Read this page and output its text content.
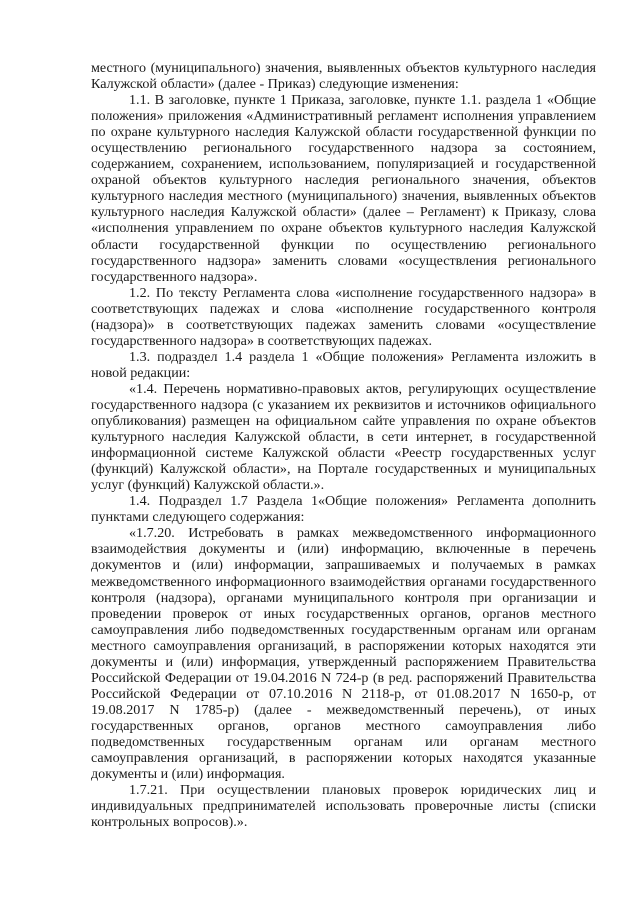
местного (муниципального) значения, выявленных объектов культурного наследия Калужской области» (далее - Приказ) следующие изменения:

1.1. В заголовке, пункте 1 Приказа, заголовке, пункте 1.1. раздела 1 «Общие положения» приложения «Административный регламент исполнения управлением по охране культурного наследия Калужской области государственной функции по осуществлению регионального государственного надзора за состоянием, содержанием, сохранением, использованием, популяризацией и государственной охраной объектов культурного наследия регионального значения, объектов культурного наследия местного (муниципального) значения, выявленных объектов культурного наследия Калужской области» (далее – Регламент) к Приказу, слова «исполнения управлением по охране объектов культурного наследия Калужской области государственной функции по осуществлению регионального государственного надзора» заменить словами «осуществления регионального государственного надзора».

1.2. По тексту Регламента слова «исполнение государственного надзора» в соответствующих падежах и слова «исполнение государственного контроля (надзора)» в соответствующих падежах заменить словами «осуществление государственного надзора» в соответствующих падежах.

1.3. подраздел 1.4 раздела 1 «Общие положения» Регламента изложить в новой редакции:

«1.4. Перечень нормативно-правовых актов, регулирующих осуществление государственного надзора (с указанием их реквизитов и источников официального опубликования) размещен на официальном сайте управления по охране объектов культурного наследия Калужской области, в сети интернет, в государственной информационной системе Калужской области «Реестр государственных услуг (функций) Калужской области», на Портале государственных и муниципальных услуг (функций) Калужской области.».

1.4. Подраздел 1.7 Раздела 1«Общие положения» Регламента дополнить пунктами следующего содержания:

«1.7.20. Истребовать в рамках межведомственного информационного взаимодействия документы и (или) информацию, включенные в перечень документов и (или) информации, запрашиваемых и получаемых в рамках межведомственного информационного взаимодействия органами государственного контроля (надзора), органами муниципального контроля при организации и проведении проверок от иных государственных органов, органов местного самоуправления либо подведомственных государственным органам или органам местного самоуправления организаций, в распоряжении которых находятся эти документы и (или) информация, утвержденный распоряжением Правительства Российской Федерации от 19.04.2016 N 724-р (в ред. распоряжений Правительства Российской Федерации от 07.10.2016 N 2118-р, от 01.08.2017 N 1650-р, от 19.08.2017 N 1785-р) (далее - межведомственный перечень), от иных государственных органов, органов местного самоуправления либо подведомственных государственным органам или органам местного самоуправления организаций, в распоряжении которых находятся указанные документы и (или) информация.

1.7.21. При осуществлении плановых проверок юридических лиц и индивидуальных предпринимателей использовать проверочные листы (списки контрольных вопросов).».
